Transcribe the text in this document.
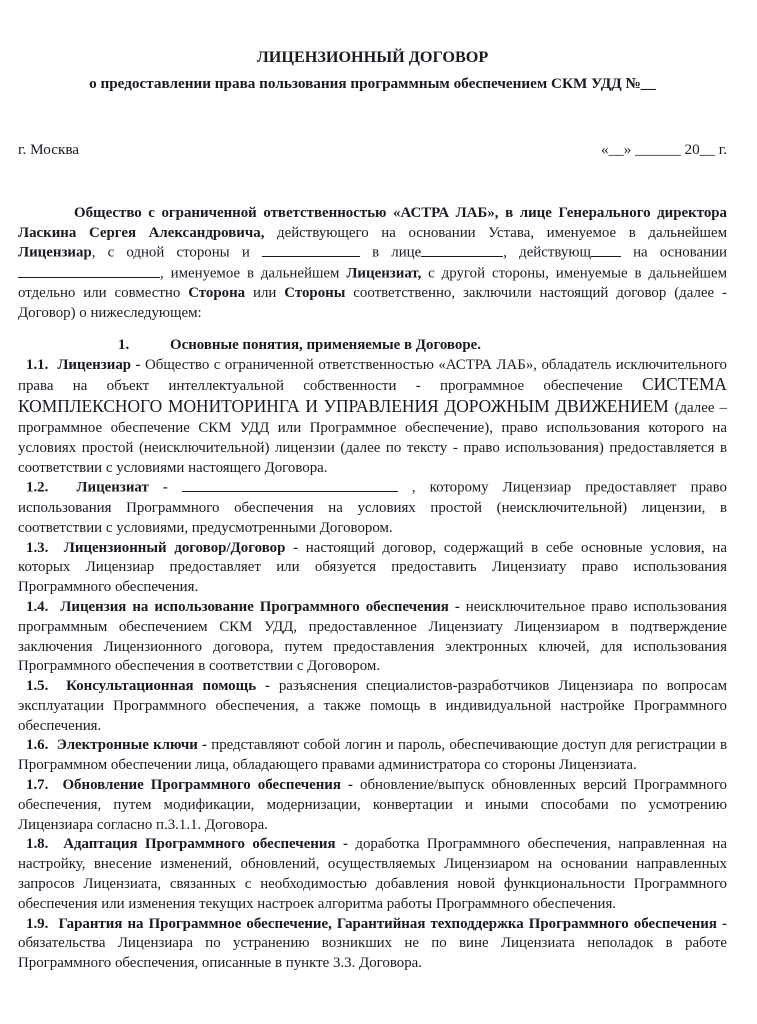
ЛИЦЕНЗИОННЫЙ ДОГОВОР

о предоставлении права пользования программным обеспечением СКМ УДД №__

г. Москва	«__» ______ 20__ г.

Общество с ограниченной ответственностью «АСТРА ЛАБ», в лице Генерального директора Ласкина Сергея Александровича, действующего на основании Устава, именуемое в дальнейшем Лицензиар, с одной стороны и	в лице	, действующ на основании , именуемое в дальнейшем Лицензиат, с другой стороны, именуемые в дальнейшем отдельно или совместно Сторона или Стороны соответственно, заключили настоящий договор (далее - Договор) о нижеследующем:

1.	Основные понятия, применяемые в Договоре.

1.1.  Лицензиар - Общество с ограниченной ответственностью «АСТРА ЛАБ», обладатель исключительного права на объект интеллектуальной собственности - программное обеспечение СИСТЕМА КОМПЛЕКСНОГО МОНИТОРИНГА И УПРАВЛЕНИЯ ДОРОЖНЫМ ДВИЖЕНИЕМ (далее – программное обеспечение СКМ УДД или Программное обеспечение), право использования которого на условиях простой (неисключительной) лицензии (далее по тексту - право использования) предоставляется в соответствии с условиями настоящего Договора.

1.2.  Лицензиат -	, которому Лицензиар предоставляет право использования Программного обеспечения на условиях простой (неисключительной) лицензии, в соответствии с условиями, предусмотренными Договором.

1.3.  Лицензионный договор/Договор - настоящий договор, содержащий в себе основные условия, на которых Лицензиар предоставляет или обязуется предоставить Лицензиату право использования Программного обеспечения.

1.4.  Лицензия на использование Программного обеспечения - неисключительное право использования программным обеспечением СКМ УДД, предоставленное Лицензиату Лицензиаром в подтверждение заключения Лицензионного договора, путем предоставления электронных ключей, для использования Программного обеспечения в соответствии с Договором.

1.5.  Консультационная помощь - разъяснения специалистов-разработчиков Лицензиара по вопросам эксплуатации Программного обеспечения, а также помощь в индивидуальной настройке Программного обеспечения.

1.6.  Электронные ключи - представляют собой логин и пароль, обеспечивающие доступ для регистрации в Программном обеспечении лица, обладающего правами администратора со стороны Лицензиата.

1.7.  Обновление Программного обеспечения - обновление/выпуск обновленных версий Программного обеспечения, путем модификации, модернизации, конвертации и иными способами по усмотрению Лицензиара согласно п.3.1.1. Договора.

1.8.  Адаптация Программного обеспечения - доработка Программного обеспечения, направленная на настройку, внесение изменений, обновлений, осуществляемых Лицензиаром на основании направленных запросов Лицензиата, связанных с необходимостью добавления новой функциональности Программного обеспечения или изменения текущих настроек алгоритма работы Программного обеспечения.

1.9.  Гарантия на Программное обеспечение, Гарантийная техподдержка Программного обеспечения - обязательства Лицензиара по устранению возникших не по вине Лицензиата неполадок в работе Программного обеспечения, описанные в пункте 3.3. Договора.
